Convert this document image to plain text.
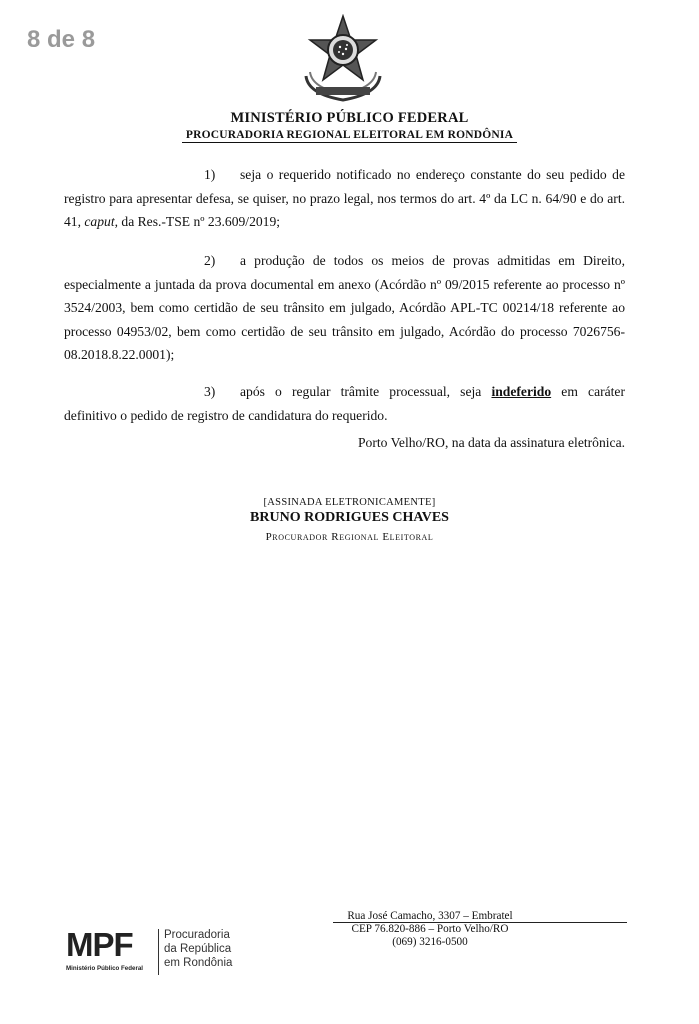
8 de 8
MINISTÉRIO PÚBLICO FEDERAL
PROCURADORIA REGIONAL ELEITORAL EM RONDÔNIA

1) seja o requerido notificado no endereço constante do seu pedido de registro para apresentar defesa, se quiser, no prazo legal, nos termos do art. 4º da LC n. 64/90 e do art. 41, caput, da Res.-TSE nº 23.609/2019;

2) a produção de todos os meios de provas admitidas em Direito, especialmente a juntada da prova documental em anexo (Acórdão nº 09/2015 referente ao processo nº 3524/2003, bem como certidão de seu trânsito em julgado, Acórdão APL-TC 00214/18 referente ao processo 04953/02, bem como certidão de seu trânsito em julgado, Acórdão do processo 7026756-08.2018.8.22.0001);

3) após o regular trâmite processual, seja indeferido em caráter definitivo o pedido de registro de candidatura do requerido.

Porto Velho/RO, na data da assinatura eletrônica.
[ASSINADA ELETRONICAMENTE]
BRUNO RODRIGUES CHAVES
Procurador Regional Eleitoral
Rua José Camacho, 3307 – Embratel
CEP 76.820-886 – Porto Velho/RO
(069) 3216-0500
MPF
Ministério Público Federal
Procuradoria
da República
em Rondônia
